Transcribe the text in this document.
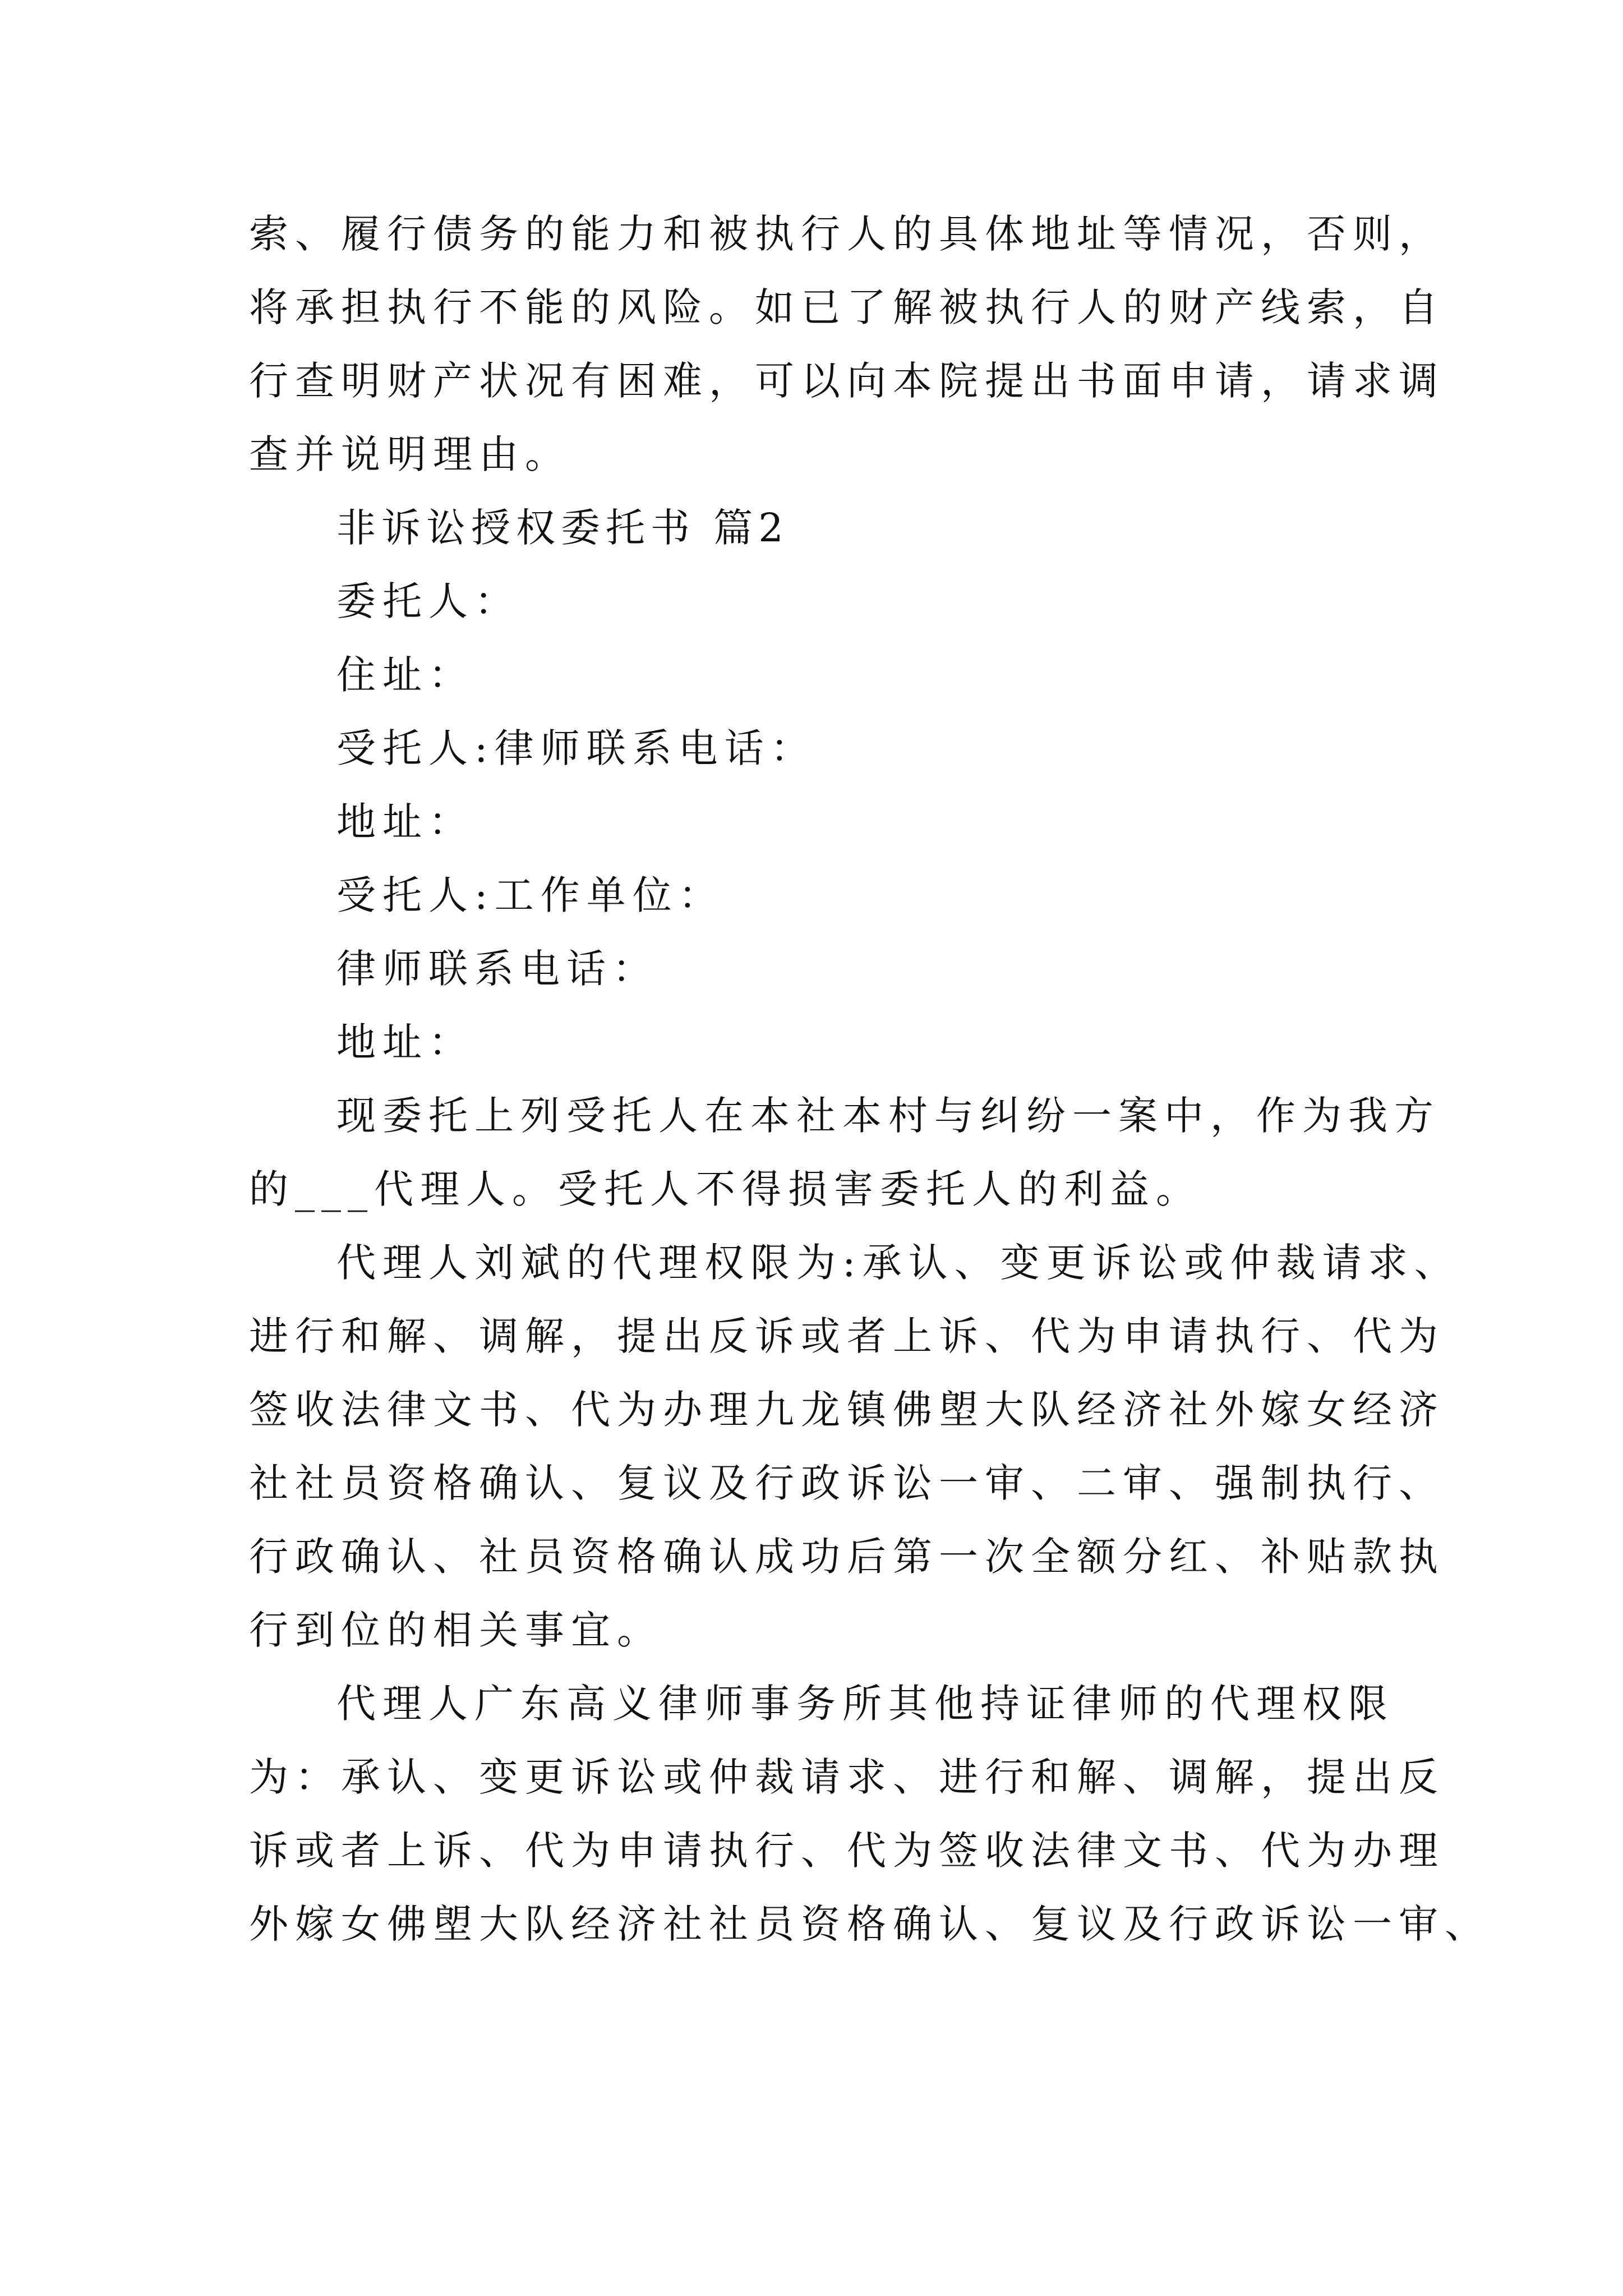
索、履行债务的能力和被执行人的具体地址等情况，否则，
将承担执行不能的风险。如已了解被执行人的财产线索，自
行查明财产状况有困难，可以向本院提出书面申请，请求调
查并说明理由。
非诉讼授权委托书 篇2
委托人：
住址：
受托人:律师联系电话：
地址：
受托人:工作单位：
律师联系电话：
地址：
现委托上列受托人在本社本村与纠纷一案中，作为我方
的___代理人。受托人不得损害委托人的利益。
代理人刘斌的代理权限为:承认、变更诉讼或仲裁请求、
进行和解、调解，提出反诉或者上诉、代为申请执行、代为
签收法律文书、代为办理九龙镇佛塱大队经济社外嫁女经济
社社员资格确认、复议及行政诉讼一审、二审、强制执行、
行政确认、社员资格确认成功后第一次全额分红、补贴款执
行到位的相关事宜。
代理人广东高义律师事务所其他持证律师的代理权限
为：承认、变更诉讼或仲裁请求、进行和解、调解，提出反
诉或者上诉、代为申请执行、代为签收法律文书、代为办理
外嫁女佛塱大队经济社社员资格确认、复议及行政诉讼一审、
